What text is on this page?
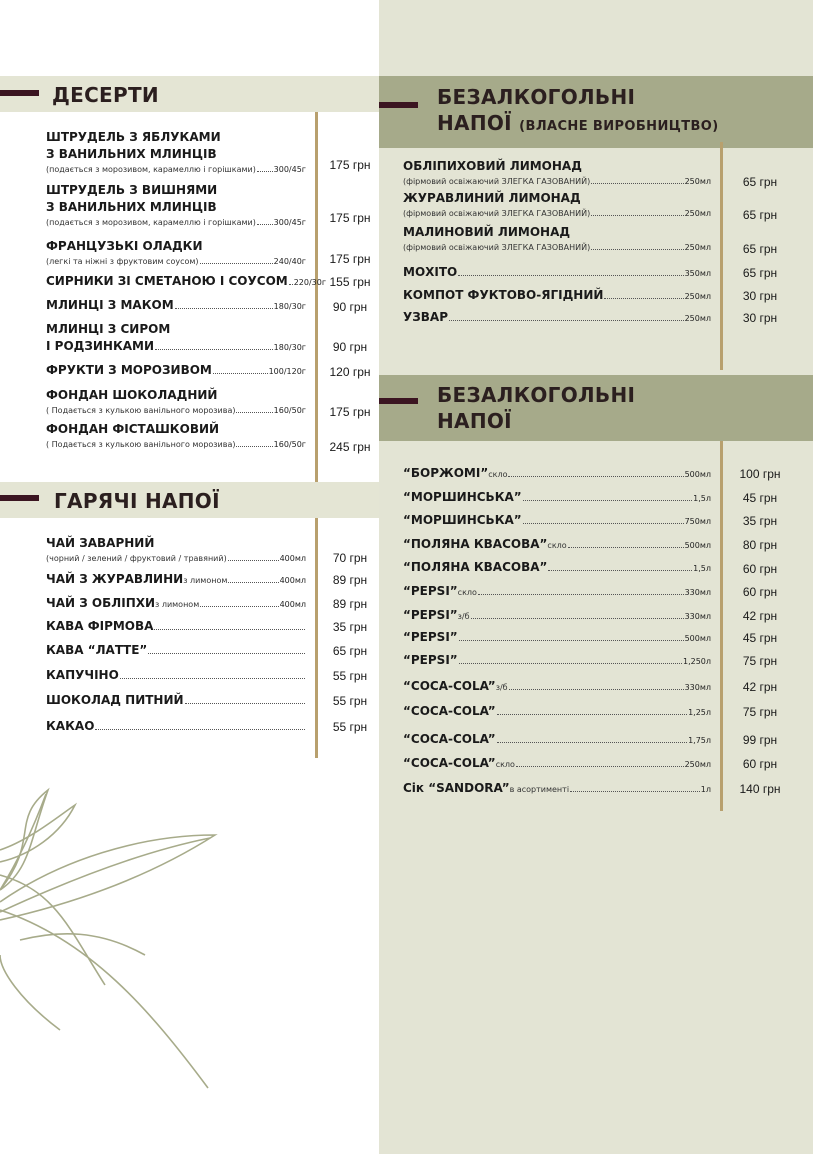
ДЕСЕРТИ
ШТРУДЕЛЬ З ЯБЛУКАМИ
З ВАНИЛЬНИХ МЛИНЦІВ
(подається з морозивом, карамеллю і горішками) 300/45г	175 грн
ШТРУДЕЛЬ З ВИШНЯМИ
З ВАНИЛЬНИХ МЛИНЦІВ
(подається з морозивом, карамеллю і горішками) 300/45г	175 грн
ФРАНЦУЗЬКІ ОЛАДКИ
(легкі та ніжні з фруктовим соусом)	240/40г	175 грн
СИРНИКИ ЗІ СМЕТАНОЮ І СОУСОМ 220/30г 155 грн
МЛИНЦІ З МАКОМ	180/30г	90 грн
МЛИНЦІ З СИРОМ
І РОДЗИНКАМИ	180/30г	90 грн
ФРУКТИ З МОРОЗИВОМ	100/120г	120 грн
ФОНДАН ШОКОЛАДНИЙ
( Подається з кулькою ванільного морозива)	160/50г	175 грн
ФОНДАН ФІСТАШКОВИЙ
( Подається з кулькою ванільного морозива)	160/50г	245 грн
ГАРЯЧІ НАПОЇ
ЧАЙ ЗАВАРНИЙ
(чорний / зелений / фруктовий / травяний)	400мл	70 грн
ЧАЙ З ЖУРАВЛИНИ з лимоном	400мл	89 грн
ЧАЙ З ОБЛІПХИ з лимоном	400мл	89 грн
КАВА ФІРМОВА	35 грн
КАВА “ЛАТТЕ”	65 грн
КАПУЧІНО	55 грн
ШОКОЛАД ПИТНИЙ	55 грн
КАКАО	55 грн
БЕЗАЛКОГОЛЬНІ
НАПОЇ (ВЛАСНЕ ВИРОБНИЦТВО)
ОБЛІПИХОВИЙ ЛИМОНАД
(фірмовий освіжаючий ЗЛЕГКА ГАЗОВАНИЙ)	250мл	65 грн
ЖУРАВЛИНИЙ ЛИМОНАД
(фірмовий освіжаючий ЗЛЕГКА ГАЗОВАНИЙ)	250мл	65 грн
МАЛИНОВИЙ ЛИМОНАД
(фірмовий освіжаючий ЗЛЕГКА ГАЗОВАНИЙ)	250мл	65 грн
МОХІТО	350мл	65 грн
КОМПОТ ФУКТОВО-ЯГІДНИЙ	250мл	30 грн
УЗВАР	250мл	30 грн
БЕЗАЛКОГОЛЬНІ
НАПОЇ
“БОРЖОМІ” скло	500мл	100 грн
“МОРШИНСЬКА”	1,5л	45 грн
“МОРШИНСЬКА”	750мл	35 грн
“ПОЛЯНА КВАСОВА” скло	500мл	80 грн
“ПОЛЯНА КВАСОВА”	1,5л	60 грн
“PEPSI” скло	330мл	60 грн
“PEPSI” з/б	330мл	42 грн
“PEPSI”	500мл	45 грн
“PEPSI”	1,250л	75 грн
“COCA-COLA” з/б	330мл	42 грн
“COCA-COLA”	1,25л	75 грн
“COCA-COLA”	1,75л	99 грн
“COCA-COLA” скло	250мл	60 грн
Сік “SANDORA” в асортименті	1л	140 грн
